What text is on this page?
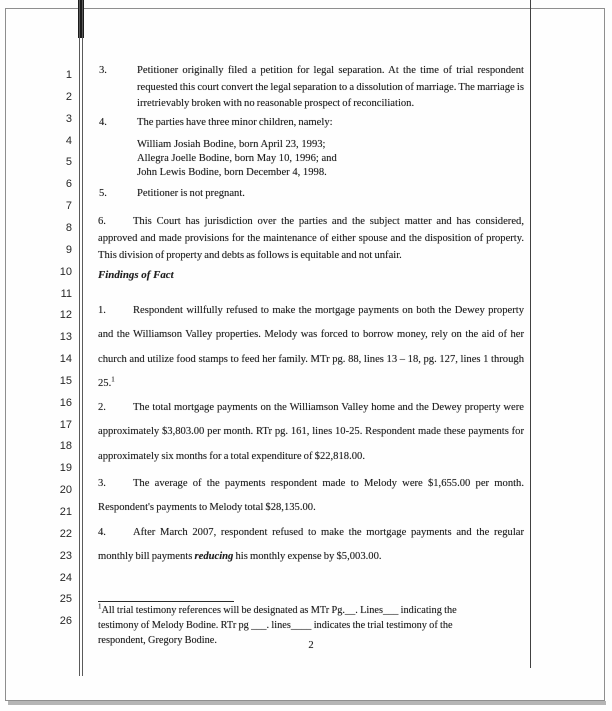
1
2
3
4
5
6
7
8
9
10
11
12
13
14
15
16
17
18
19
20
21
22
23
24
25
26
3.	Petitioner originally filed a petition for legal separation. At the time of trial respondent requested this court convert the legal separation to a dissolution of marriage. The marriage is irretrievably broken with no reasonable prospect of reconciliation.
4.	The parties have three minor children, namely:
William Josiah Bodine, born April 23, 1993;
Allegra Joelle Bodine, born May 10, 1996; and
John Lewis Bodine, born December 4, 1998.
5.	Petitioner is not pregnant.
6.	This Court has jurisdiction over the parties and the subject matter and has considered, approved and made provisions for the maintenance of either spouse and the disposition of property. This division of property and debts as follows is equitable and not unfair.
Findings of Fact
1.	Respondent willfully refused to make the mortgage payments on both the Dewey property and the Williamson Valley properties. Melody was forced to borrow money, rely on the aid of her church and utilize food stamps to feed her family. MTr pg. 88, lines 13 – 18, pg. 127, lines 1 through 25.$^1$
2.	The total mortgage payments on the Williamson Valley home and the Dewey property were approximately $3,803.00 per month. RTr pg. 161, lines 10-25. Respondent made these payments for approximately six months for a total expenditure of $22,818.00.
3.	The average of the payments respondent made to Melody were $1,655.00 per month. Respondent's payments to Melody total $28,135.00.
4.	After March 2007, respondent refused to make the mortgage payments and the regular monthly bill payments reducing his monthly expense by $5,003.00.
$^1$All trial testimony references will be designated as MTr Pg.__. Lines___ indicating the testimony of Melody Bodine. RTr pg ___. lines____ indicates the trial testimony of the respondent, Gregory Bodine.	2
